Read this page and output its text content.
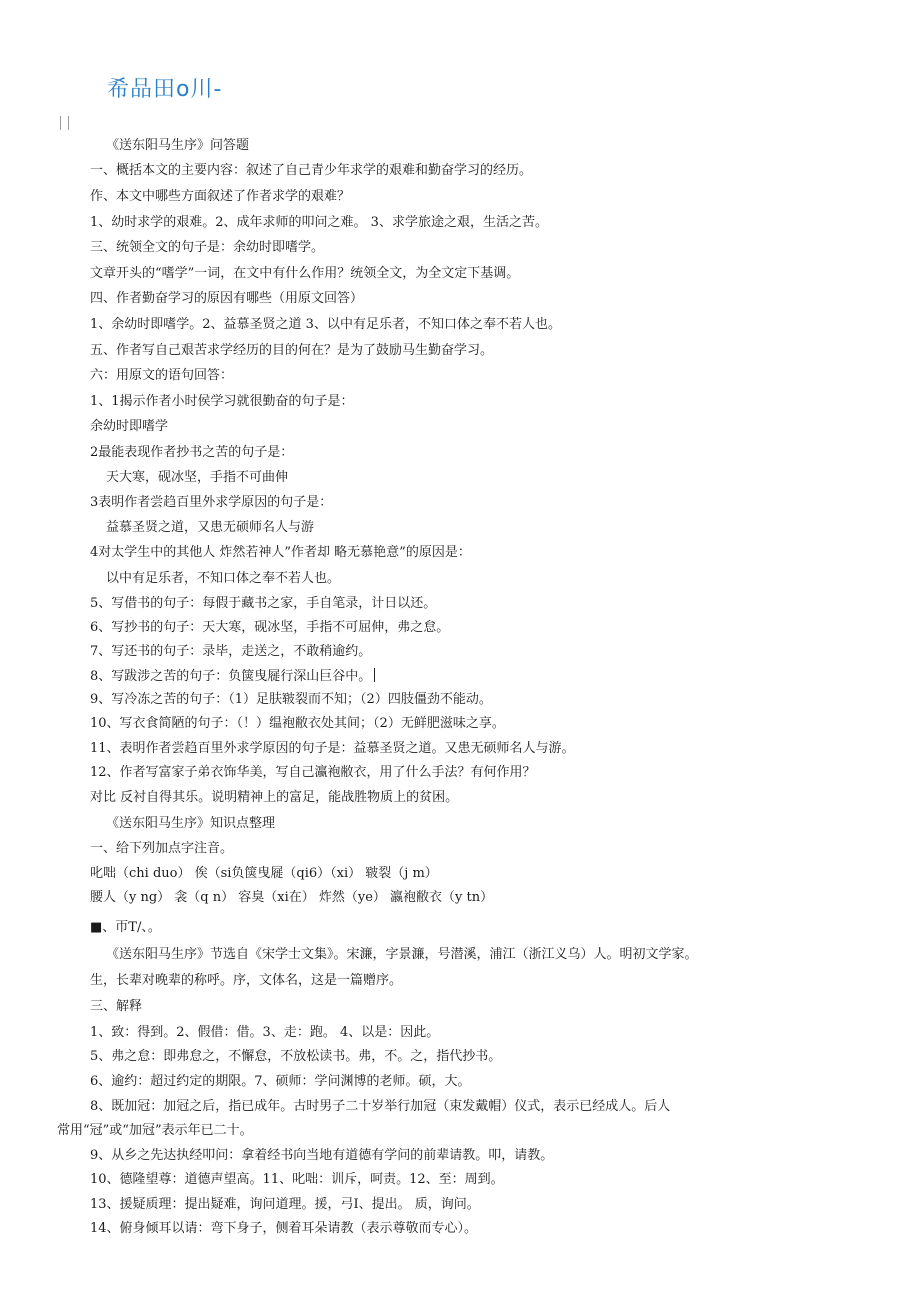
希品田o川-
《送东阳马生序》问答题
一、概括本文的主要内容：叙述了自己青少年求学的艰难和勤奋学习的经历。
作、本文中哪些方面叙述了作者求学的艰难？
1、幼时求学的艰难。2、成年求师的叩问之难。 3、求学旅途之艰，生活之苦。
三、统领全文的句子是：余幼时即嗜学。
文章开头的“嗜学”一词，在文中有什么作用？统领全文，为全文定下基调。
四、作者勤奋学习的原因有哪些（用原文回答）
1、余幼时即嗜学。2、益慕圣贤之道 3、以中有足乐者，不知口体之奉不若人也。
五、作者写自己艰苦求学经历的目的何在？是为了鼓励马生勤奋学习。
六：用原文的语句回答：
1、1揭示作者小时侯学习就很勤奋的句子是：
余幼时即嗜学
2最能表现作者抄书之苦的句子是：
天大寒，砚冰坚，手指不可曲伸
3表明作者尝趋百里外求学原因的句子是：
益慕圣贤之道，又患无硕师名人与游
4对太学生中的其他人 炸然若神人”作者却 略无慕艳意”的原因是：
以中有足乐者，不知口体之奉不若人也。
5、写借书的句子：每假于藏书之家，手自笔录，计日以还。
6、写抄书的句子：天大寒，砚冰坚，手指不可屈伸，弗之怠。
7、写还书的句子：录毕，走送之，不敢稍逾约。
8、写跋涉之苦的句子：负箧曳屣行深山巨谷中。
9、写冷冻之苦的句子：（1）足肤皲裂而不知；（2）四肢僵劲不能动。
10、写衣食简陋的句子：（！）缊袍敝衣处其间；（2）无鲜肥滋味之享。
11、表明作者尝趋百里外求学原因的句子是：益慕圣贤之道。又患无硕师名人与游。
12、作者写富家子弟衣饰华美，写自己瀛袍敝衣，用了什么手法？有何作用？
对比 反衬自得其乐。说明精神上的富足，能战胜物质上的贫困。
《送东阳马生序》知识点整理
一、给下列加点字注音。
叱咄（chi duo） 俟（si负箧曳屣（qi6）（xi） 皲裂（j m）
腰人（y ng） 衾（q n） 容臭（xi在） 炸然（ye） 瀛袍敝衣（y tn）
■、帀T/、。
《送东阳马生序》节选自《宋学士文集》。宋濂，字景濂，号潜溪，浦江（浙江义乌）人。明初文学家。
生，长辈对晚辈的称呼。序，文体名，这是一篇赠序。
三、解释
1、致：得到。2、假借：借。3、走：跑。 4、以是：因此。
5、弗之怠：即弗怠之，不懈怠，不放松读书。弗，不。之，指代抄书。
6、逾约：超过约定的期限。7、硕师：学问渊博的老师。硕，大。
8、既加冠：加冠之后，指已成年。古时男子二十岁举行加冠（束发戴帽）仪式，表示已经成人。后人
常用“冠”或“加冠”表示年已二十。
9、从乡之先达执经叩问：拿着经书向当地有道德有学问的前辈请教。叩，请教。
10、德隆望尊：道德声望高。11、叱咄：训斥，呵责。12、至：周到。
13、援疑质理：提出疑难，询问道理。援，弓I、提出。 质，询问。
14、俯身倾耳以请：弯下身子，侧着耳朵请教（表示尊敬而专心）。
